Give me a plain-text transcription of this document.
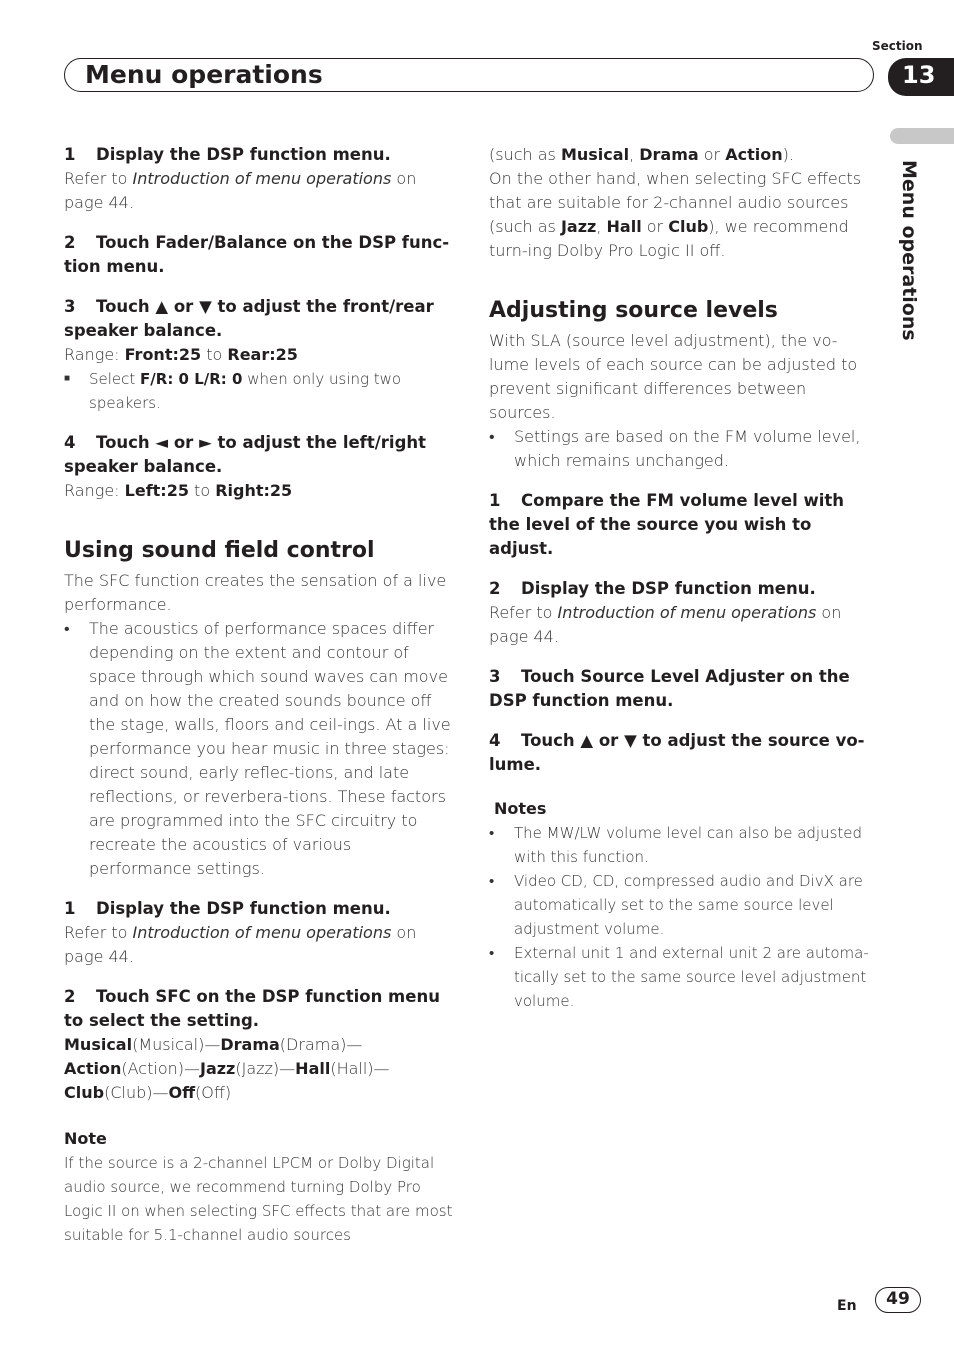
Section
Menu operations	13
Menu operations

1 Display the DSP function menu.

Refer to Introduction of menu operations on page 44.

2 Touch Fader/Balance on the DSP func-tion menu.

3 Touch ▲ or ▼ to adjust the front/rear speaker balance.

Range: Front:25 to Rear:25

■	Select F/R: 0 L/R: 0 when only using two speakers.

4 Touch ◄ or ► to adjust the left/right speaker balance.

Range: Left:25 to Right:25

Using sound field control

The SFC function creates the sensation of a live performance.

•	The acoustics of performance spaces differ depending on the extent and contour of space through which sound waves can move and on how the created sounds bounce off the stage, walls, floors and ceil-ings. At a live performance you hear music in three stages: direct sound, early reflec-tions, and late reflections, or reverbera-tions. These factors are programmed into the SFC circuitry to recreate the acoustics of various performance settings.

1 Display the DSP function menu.

Refer to Introduction of menu operations on page 44.

2 Touch SFC on the DSP function menu to select the setting.

Musical(Musical)—Drama(Drama)—Action(Action)—Jazz(Jazz)—Hall(Hall)—Club(Club)—Off(Off)

Note

If the source is a 2-channel LPCM or Dolby Digital audio source, we recommend turning Dolby Pro Logic II on when selecting SFC effects that are most suitable for 5.1-channel audio sources

(such as Musical, Drama or Action).

On the other hand, when selecting SFC effects that are suitable for 2-channel audio sources (such as Jazz, Hall or Club), we recommend turn-ing Dolby Pro Logic II off.

Adjusting source levels

With SLA (source level adjustment), the vo-lume levels of each source can be adjusted to prevent significant differences between sources.

•	Settings are based on the FM volume level, which remains unchanged.

1 Compare the FM volume level with the level of the source you wish to adjust.

2 Display the DSP function menu.

Refer to Introduction of menu operations on page 44.

3 Touch Source Level Adjuster on the DSP function menu.

4 Touch ▲ or ▼ to adjust the source vo-lume.

Notes

•	The MW/LW volume level can also be adjusted with this function.

•	Video CD, CD, compressed audio and DivX are automatically set to the same source level adjustment volume.

•	External unit 1 and external unit 2 are automa-tically set to the same source level adjustment volume.

En	49
